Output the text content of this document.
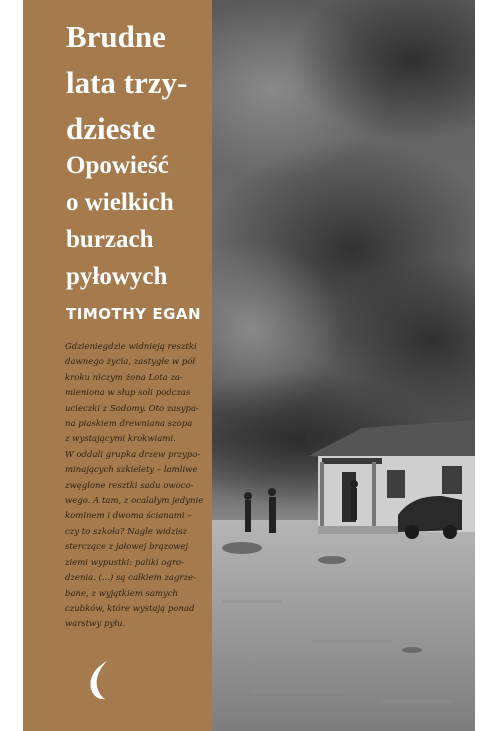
Brudne
lata trzy-
dzieste
Opowieść
o wielkich
burzach
pyłowych
TIMOTHY EGAN

Gdzieniegdzie widnieją resztki

dawnego życia, zastygłe w pół

kroku niczym żona Lota za-

mieniona w słup soli podczas

ucieczki z Sodomy. Oto zasypa-

na piaskiem drewniana szopa

z wystającymi krokwiami.

W oddali grupka drzew przypo-

minających szkielety – lamliwe

zwęglone resztki sadu owoco-

wego. A tam, z ocalałym jedynie

kominem i dwoma ścianami –

czy to szkoła? Nagle widzisz

sterczące z jałowej brązowej

ziemi wypustki: paliki ogro-

dzenia. (...) są całkiem zagrze-

bane, z wyjątkiem samych

czubków, które wystają ponad

warstwy pyłu.
